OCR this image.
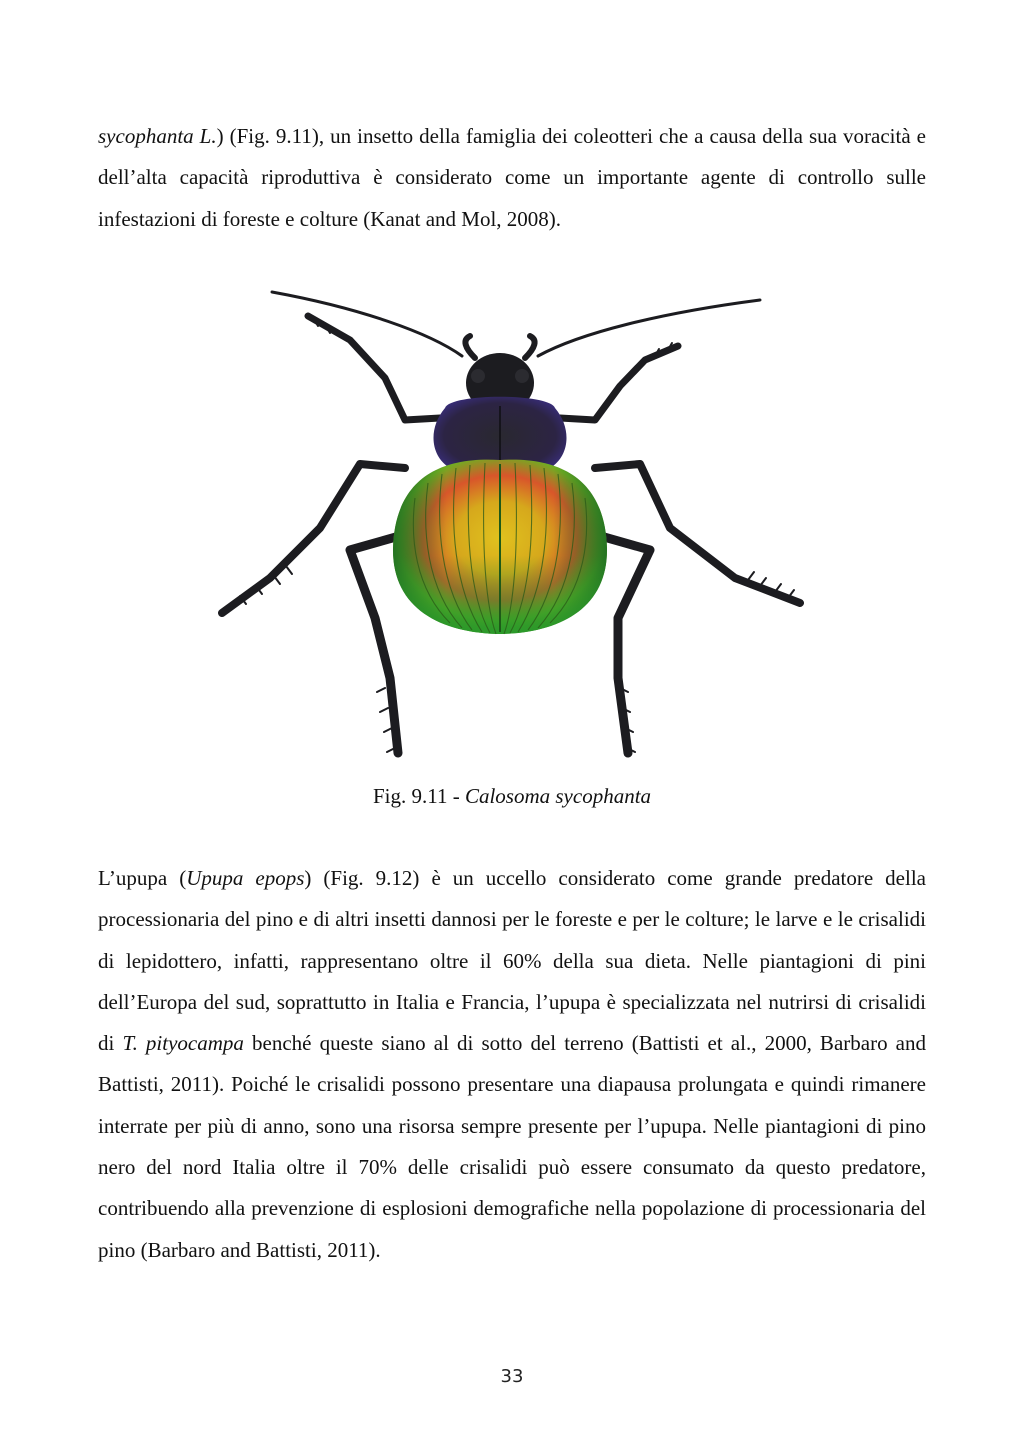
sycophanta L.) (Fig. 9.11), un insetto della famiglia dei coleotteri che a causa della sua voracità e dell’alta capacità riproduttiva è considerato come un importante agente di controllo sulle infestazioni di foreste e colture (Kanat and Mol, 2008).

Fig. 9.11 - Calosoma sycophanta

L’upupa (Upupa epops) (Fig. 9.12) è un uccello considerato come grande predatore della processionaria del pino e di altri insetti dannosi per le foreste e per le colture; le larve e le crisalidi di lepidottero, infatti, rappresentano oltre il 60% della sua dieta. Nelle piantagioni di pini dell’Europa del sud, soprattutto in Italia e Francia, l’upupa è specializzata nel nutrirsi di crisalidi di T. pityocampa benché queste siano al di sotto del terreno (Battisti et al., 2000, Barbaro and Battisti, 2011). Poiché le crisalidi possono presentare una diapausa prolungata e quindi rimanere interrate per più di anno, sono una risorsa sempre presente per l’upupa. Nelle piantagioni di pino nero del nord Italia oltre il 70% delle crisalidi può essere consumato da questo predatore, contribuendo alla prevenzione di esplosioni demografiche nella popolazione di processionaria del pino (Barbaro and Battisti, 2011).

33
